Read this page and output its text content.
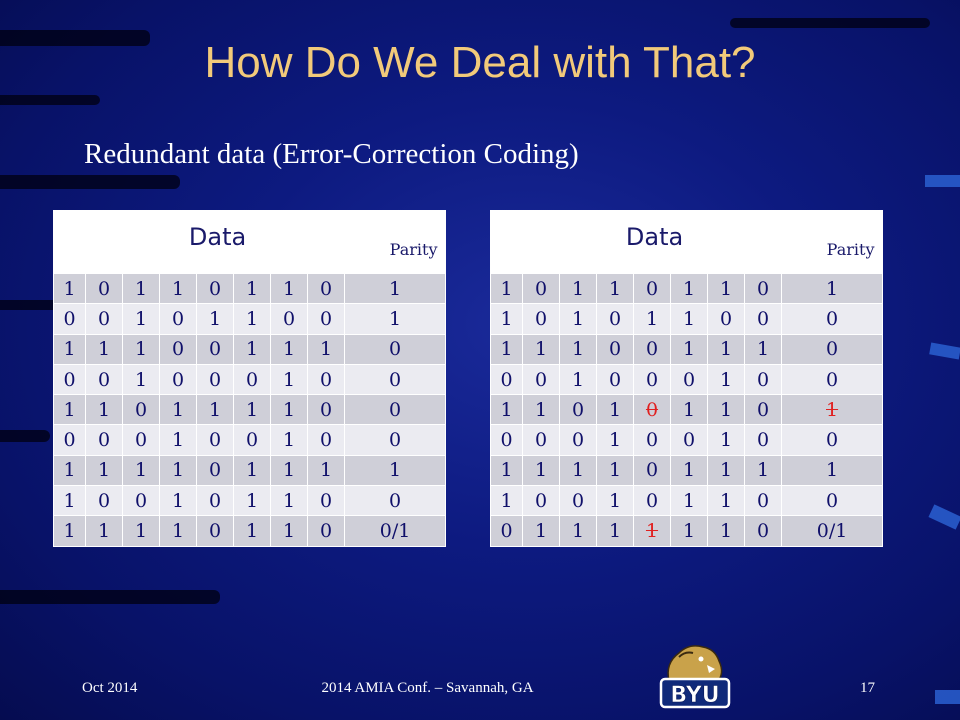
How Do We Deal with That?
Redundant data (Error-Correction Coding)
Data									Parity
1	0	1	1	0	1	1	0	1	
0	0	1	0	1	1	0	0	1	
1	1	1	0	0	1	1	1	0	
0	0	1	0	0	0	1	0	0	
1	1	0	1	1	1	1	0	0	
0	0	0	1	0	0	1	0	0	
1	1	1	1	0	1	1	1	1	
1	0	0	1	0	1	1	0	0	
1	1	1	1	0	1	1	0	0/1	
Data									Parity
1	0	1	1	0	1	1	0	1	
1	0	1	0	1	1	0	0	0	
1	1	1	0	0	1	1	1	0	
0	0	1	0	0	0	1	0	0	
1	1	0	1	0	1	1	0	1	
0	0	0	1	0	0	1	0	0	
1	1	1	1	0	1	1	1	1	
1	0	0	1	0	1	1	0	0	
0	1	1	1	1	1	1	0	0/1	
Oct 2014	2014 AMIA Conf. – Savannah, GA	17
BYU
